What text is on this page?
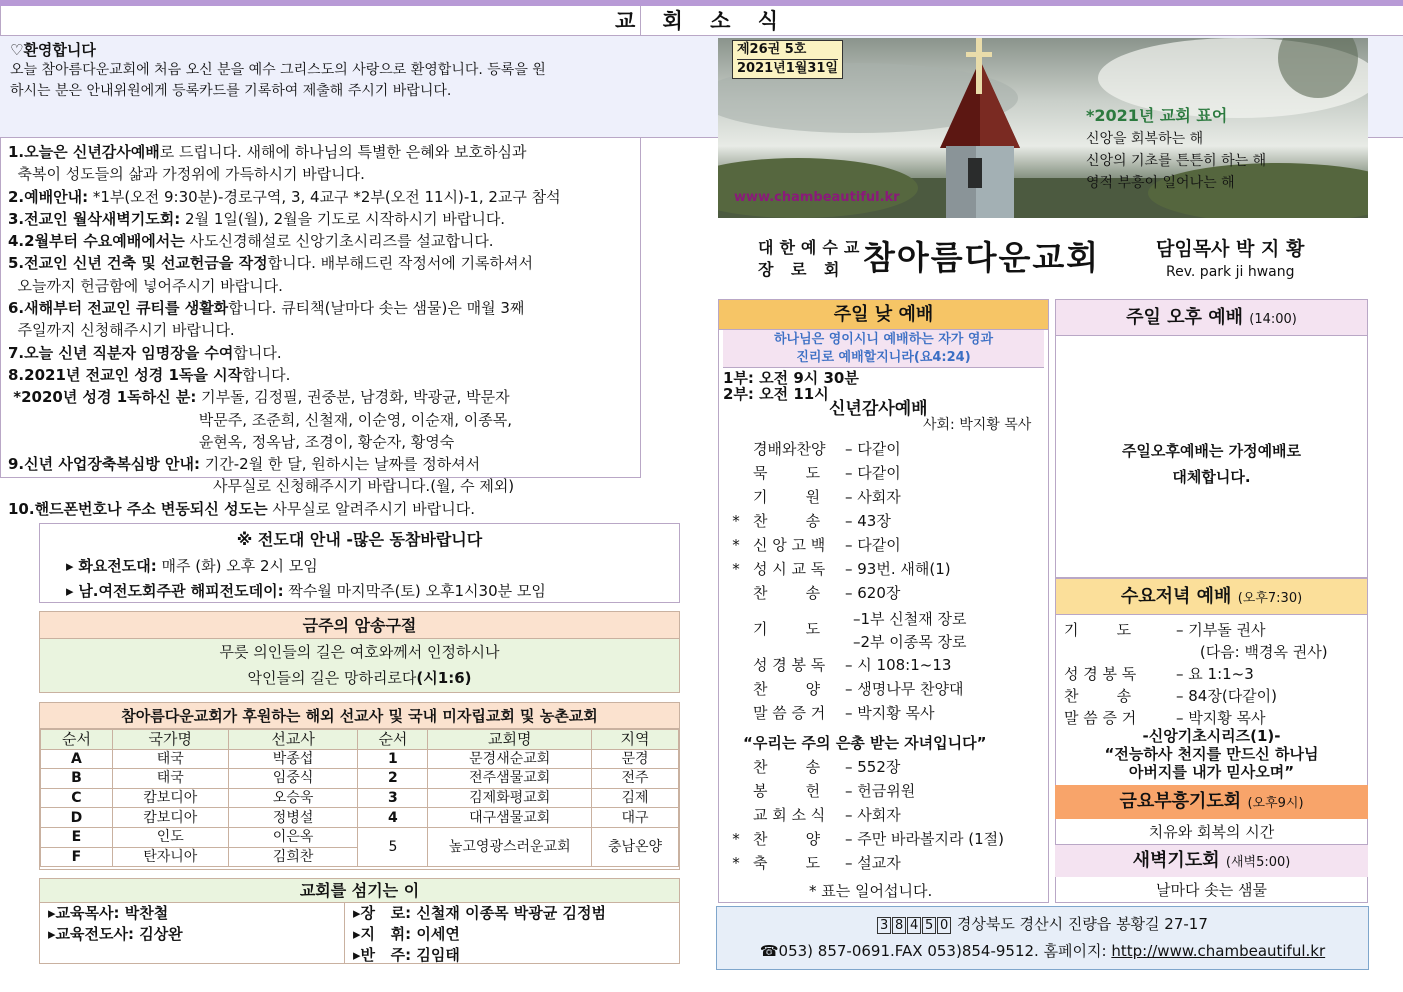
교 회 소 식
♡환영합니다
오늘 참아름다운교회에 처음 오신 분을 예수 그리스도의 사랑으로 환영합니다. 등록을 원
하시는 분은 안내위원에게 등록카드를 기록하여 제출해 주시기 바랍니다.
1.오늘은 신년감사예배로 드립니다. 새해에 하나님의 특별한 은혜와 보호하심과
축복이 성도들의 삶과 가정위에 가득하시기 바랍니다.
2.예배안내: *1부(오전 9:30분)-경로구역, 3, 4교구 *2부(오전 11시)-1, 2교구 참석
3.전교인 월삭새벽기도회: 2월 1일(월), 2월을 기도로 시작하시기 바랍니다.
4.2월부터 수요예배에서는 사도신경해설로 신앙기초시리즈를 설교합니다.
5.전교인 신년 건축 및 선교헌금을 작정합니다. 배부해드린 작정서에 기록하셔서
오늘까지 헌금함에 넣어주시기 바랍니다.
6.새해부터 전교인 큐티를 생활화합니다. 큐티책(날마다 솟는 샘물)은 매월 3째
주일까지 신청해주시기 바랍니다.
7.오늘 신년 직분자 임명장을 수여합니다.
8.2021년 전교인 성경 1독을 시작합니다.
*2020년 성경 1독하신 분: 기부돌, 김정필, 권중분, 남경화, 박광균, 박문자
박문주, 조준희, 신철재, 이순영, 이순재, 이종목,
윤현옥, 정옥남, 조경이, 황순자, 황영숙
9.신년 사업장축복심방 안내: 기간-2월 한 달, 원하시는 날짜를 정하셔서
사무실로 신청해주시기 바랍니다.(월, 수 제외)
10.핸드폰번호나 주소 변동되신 성도는 사무실로 알려주시기 바랍니다.
※ 전도대 안내 -많은 동참바랍니다
▸ 화요전도대: 매주 (화) 오후 2시 모임
▸ 남.여전도회주관 해피전도데이: 짝수월 마지막주(토) 오후1시30분 모임
금주의 암송구절
무릇 의인들의 길은 여호와께서 인정하시나
악인들의 길은 망하리로다(시1:6)
참아름다운교회가 후원하는 해외 선교사 및 국내 미자립교회 및 농촌교회
순서	국가명	선교사	순서	교회명	지역
A	태국	박종섭	1	문경새순교회	문경
B	태국	임중식	2	전주샘물교회	전주
C	캄보디아	오승욱	3	김제화평교회	김제
D	캄보디아	정병설	4	대구샘물교회	대구
E	인도	이은옥	5	높고영광스러운교회	충남온양
F	탄자니아	김희찬			
교회를 섬기는 이
▸교육목사: 박찬철
▸교육전도사: 김상완
▸장   로: 신철재 이종목 박광균 김정범
▸지   휘: 이세연
▸반   주: 김임태
제26권 5호
2021년1월31일
*2021년 교회 표어
신앙을 회복하는 해
신앙의 기초를 튼튼히 하는 해
영적 부흥이 일어나는 해
www.chambeautiful.kr
대한예수교
장 로 회 참아름다운교회	담임목사 박 지 황
Rev. park ji hwang
주일 낮 예배
하나님은 영이시니 예배하는 자가 영과
진리로 예배할지니라(요4:24)
1부: 오전 9시 30분
2부: 오전 11시
신년감사예배
사회: 박지황 목사
경배와찬양 – 다같이
묵        도 – 다같이
기        원 – 사회자
* 찬        송 – 43장
* 신 앙 고 백 – 다같이
* 성 시 교 독 – 93번. 새해(1)
찬        송 – 620장
기        도
성 경 봉 독 – 시 108:1~13
찬        양 – 생명나무 찬양대
말 씀 증 거 – 박지황 목사
–1부 신철재 장로
–2부 이종목 장로
“우리는 주의 은총 받는 자녀입니다”
찬        송 – 552장
봉        헌 – 헌금위원
교 회 소 식 – 사회자
* 찬        양 – 주만 바라볼지라 (1절)
* 축        도 – 설교자
* 표는 일어섭니다.
주일 오후 예배 (14:00)
주일오후예배는 가정예배로
대체합니다.
수요저녁 예배 (오후7:30)
기        도	– 기부돌 권사
(다음: 백경옥 권사)
성 경 봉 독	– 요 1:1~3
찬        송	– 84장(다같이)
말 씀 증 거	– 박지황 목사
-신앙기초시리즈(1)-
“전능하사 천지를 만드신 하나님
아버지를 내가 믿사오며”
금요부흥기도회 (오후9시)
치유와 회복의 시간
새벽기도회 (새벽5:00)
날마다 솟는 샘물
3 8 4 5 0 경상북도 경산시 진량읍 봉황길 27-17
☎053) 857-0691.FAX 053)854-9512. 홈페이지: http://www.chambeautiful.kr
